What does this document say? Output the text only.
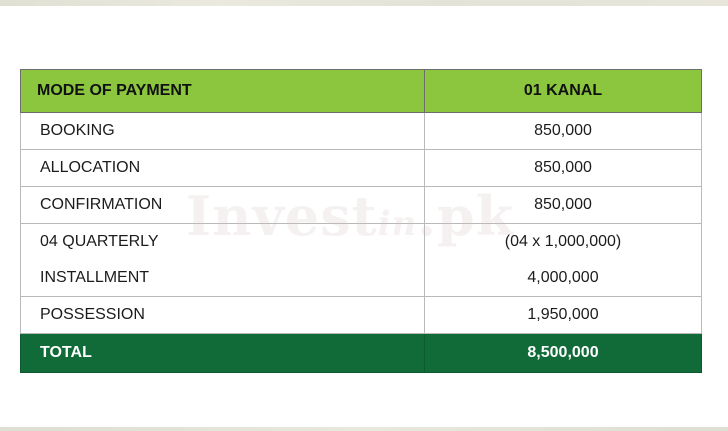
MODE OF PAYMENT	01 KANAL
BOOKING	850,000
ALLOCATION	850,000
CONFIRMATION	850,000
04 QUARTERLY	(04 x 1,000,000)
INSTALLMENT	4,000,000
POSSESSION	1,950,000
TOTAL	8,500,000
Investin.pk
